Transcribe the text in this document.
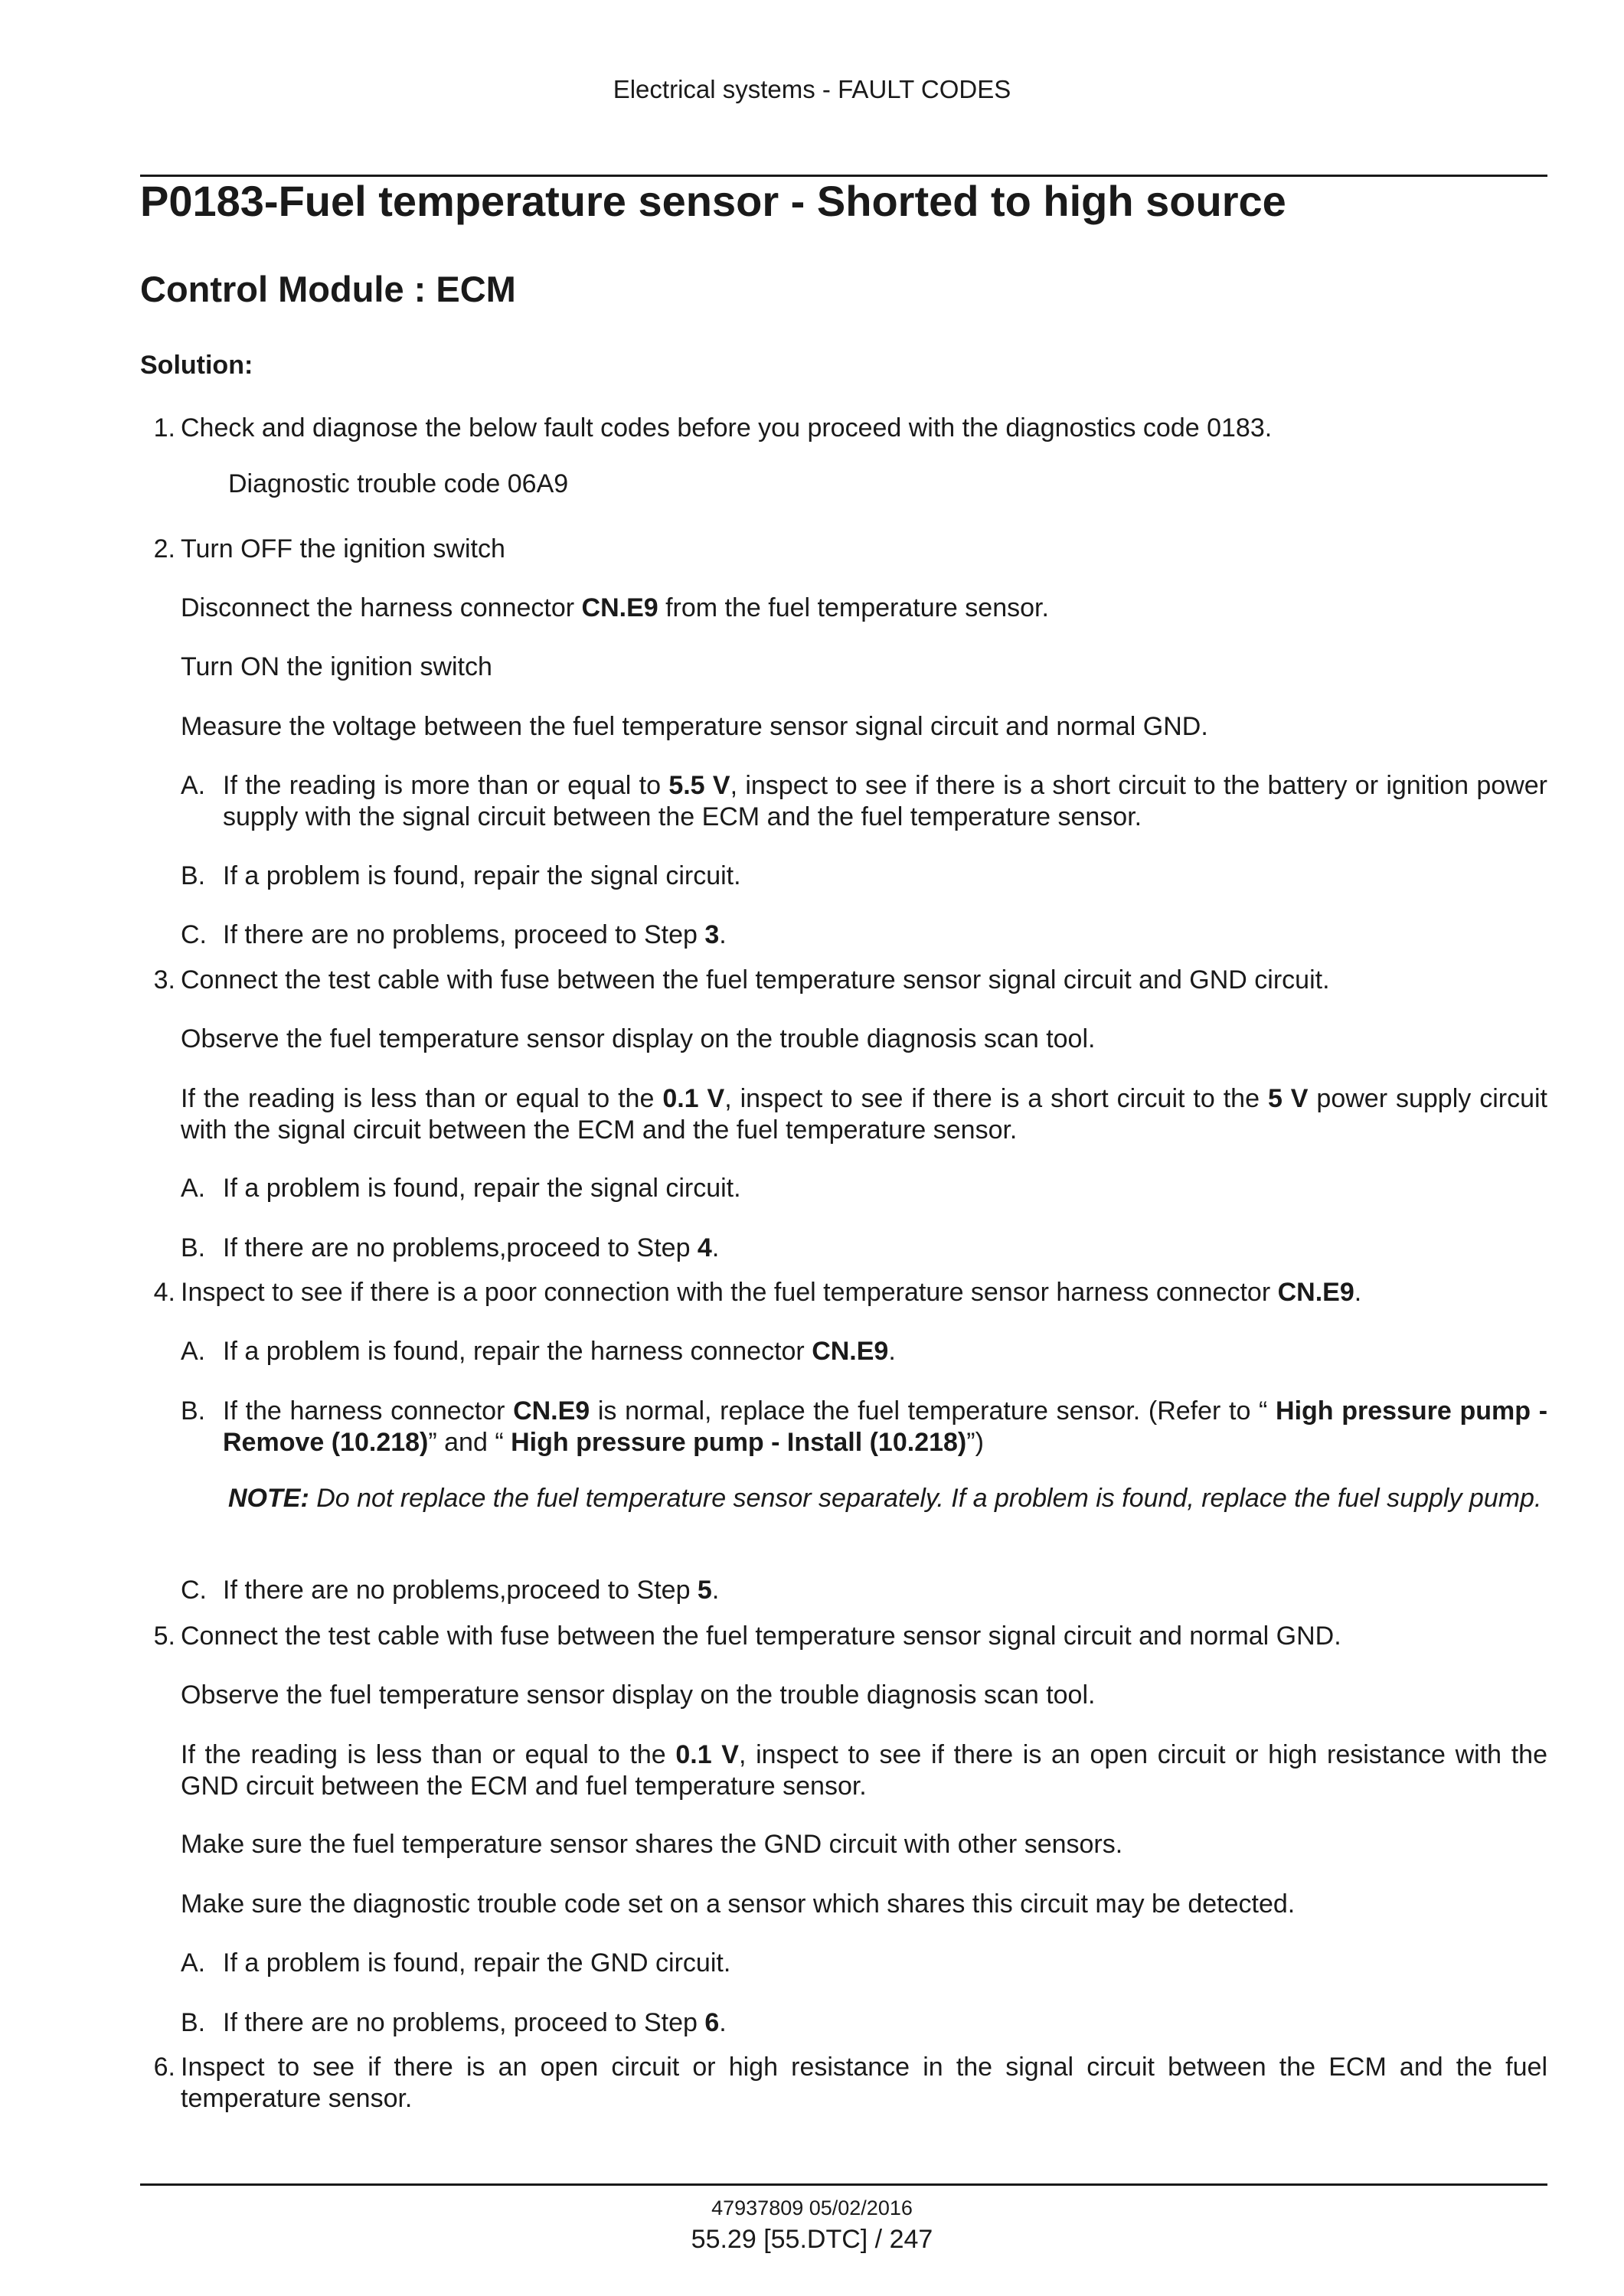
Electrical systems - FAULT CODES
P0183-Fuel temperature sensor - Shorted to high source
Control Module : ECM
Solution:
1. Check and diagnose the below fault codes before you proceed with the diagnostics code 0183.
Diagnostic trouble code 06A9
2. Turn OFF the ignition switch
Disconnect the harness connector CN.E9 from the fuel temperature sensor.
Turn ON the ignition switch
Measure the voltage between the fuel temperature sensor signal circuit and normal GND.
A. If the reading is more than or equal to 5.5 V, inspect to see if there is a short circuit to the battery or ignition power supply with the signal circuit between the ECM and the fuel temperature sensor.
B. If a problem is found, repair the signal circuit.
C. If there are no problems, proceed to Step 3.
3. Connect the test cable with fuse between the fuel temperature sensor signal circuit and GND circuit.
Observe the fuel temperature sensor display on the trouble diagnosis scan tool.
If the reading is less than or equal to the 0.1 V, inspect to see if there is a short circuit to the 5 V power supply circuit with the signal circuit between the ECM and the fuel temperature sensor.
A. If a problem is found, repair the signal circuit.
B. If there are no problems,proceed to Step 4.
4. Inspect to see if there is a poor connection with the fuel temperature sensor harness connector CN.E9.
A. If a problem is found, repair the harness connector CN.E9.
B. If the harness connector CN.E9 is normal, replace the fuel temperature sensor. (Refer to “ High pressure pump - Remove (10.218)” and “ High pressure pump - Install (10.218)”)
NOTE: Do not replace the fuel temperature sensor separately. If a problem is found, replace the fuel supply pump.
C. If there are no problems,proceed to Step 5.
5. Connect the test cable with fuse between the fuel temperature sensor signal circuit and normal GND.
Observe the fuel temperature sensor display on the trouble diagnosis scan tool.
If the reading is less than or equal to the 0.1 V, inspect to see if there is an open circuit or high resistance with the GND circuit between the ECM and fuel temperature sensor.
Make sure the fuel temperature sensor shares the GND circuit with other sensors.
Make sure the diagnostic trouble code set on a sensor which shares this circuit may be detected.
A. If a problem is found, repair the GND circuit.
B. If there are no problems, proceed to Step 6.
6. Inspect to see if there is an open circuit or high resistance in the signal circuit between the ECM and the fuel temperature sensor.
47937809 05/02/2016
55.29 [55.DTC] / 247
